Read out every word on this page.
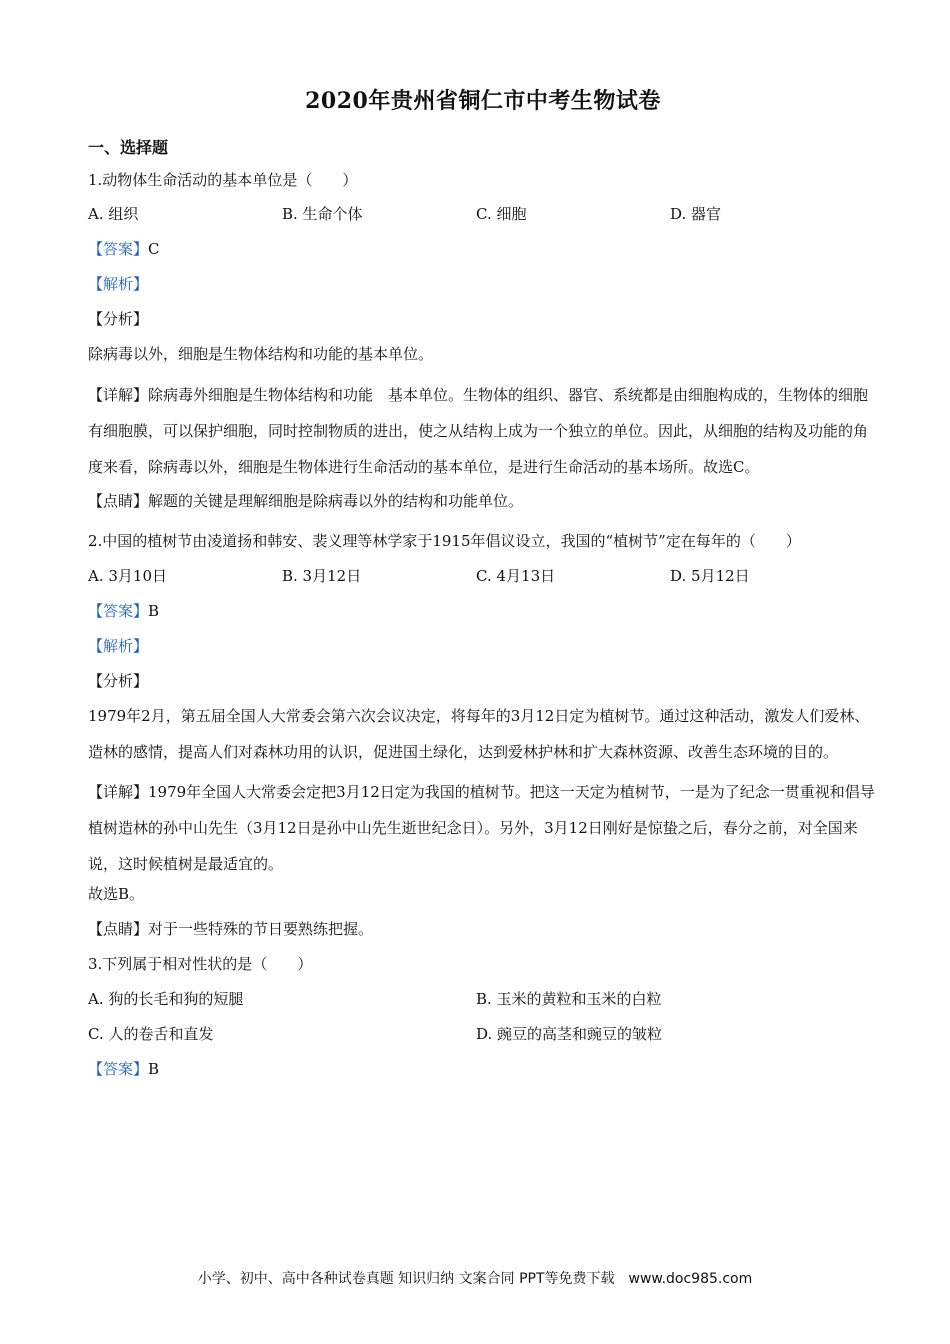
2020年贵州省铜仁市中考生物试卷
一、选择题
1.动物体生命活动的基本单位是（　　）
A. 组织	B. 生命个体	C. 细胞	D. 器官
【答案】C
【解析】
【分析】
除病毒以外，细胞是生物体结构和功能的基本单位。
【详解】除病毒外细胞是生物体结构和功能　基本单位。生物体的组织、器官、系统都是由细胞构成的，生物体的细胞有细胞膜，可以保护细胞，同时控制物质的进出，使之从结构上成为一个独立的单位。因此，从细胞的结构及功能的角度来看，除病毒以外，细胞是生物体进行生命活动的基本单位，是进行生命活动的基本场所。故选C。
【点睛】解题的关键是理解细胞是除病毒以外的结构和功能单位。
2.中国的植树节由凌道扬和韩安、裴义理等林学家于1915年倡议设立，我国的“植树节”定在每年的（　　）
A. 3月10日	B. 3月12日	C. 4月13日	D. 5月12日
【答案】B
【解析】
【分析】
1979年2月，第五届全国人大常委会第六次会议决定，将每年的3月12日定为植树节。通过这种活动，激发人们爱林、造林的感情，提高人们对森林功用的认识，促进国土绿化，达到爱林护林和扩大森林资源、改善生态环境的目的。
【详解】1979年全国人大常委会定把3月12日定为我国的植树节。把这一天定为植树节，一是为了纪念一贯重视和倡导植树造林的孙中山先生（3月12日是孙中山先生逝世纪念日）。另外，3月12日刚好是惊蛰之后，春分之前，对全国来说，这时候植树是最适宜的。
故选B。
【点睛】对于一些特殊的节日要熟练把握。
3.下列属于相对性状的是（　　）
A. 狗的长毛和狗的短腿	B. 玉米的黄粒和玉米的白粒
C. 人的卷舌和直发	D. 豌豆的高茎和豌豆的皱粒
【答案】B
小学、初中、高中各种试卷真题 知识归纳 文案合同 PPT等免费下载　www.doc985.com
